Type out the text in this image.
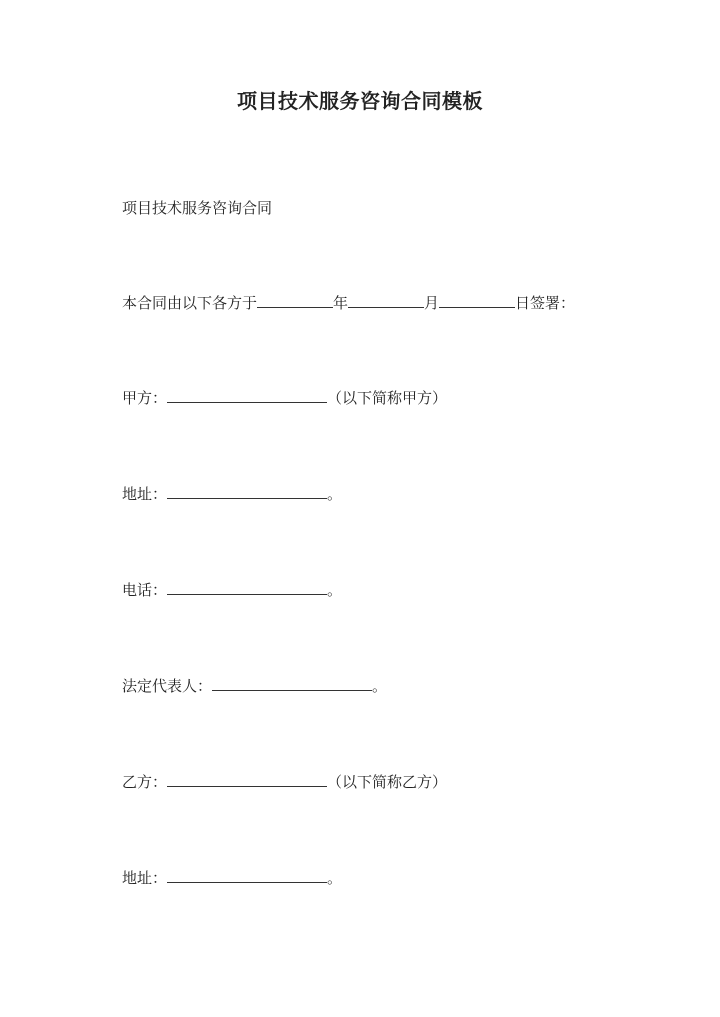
项目技术服务咨询合同模板
项目技术服务咨询合同
本合同由以下各方于	年	月	日签署：
甲方：	（以下简称甲方）
地址：	。
电话：	。
法定代表人：	。
乙方：	（以下简称乙方）
地址：	。
